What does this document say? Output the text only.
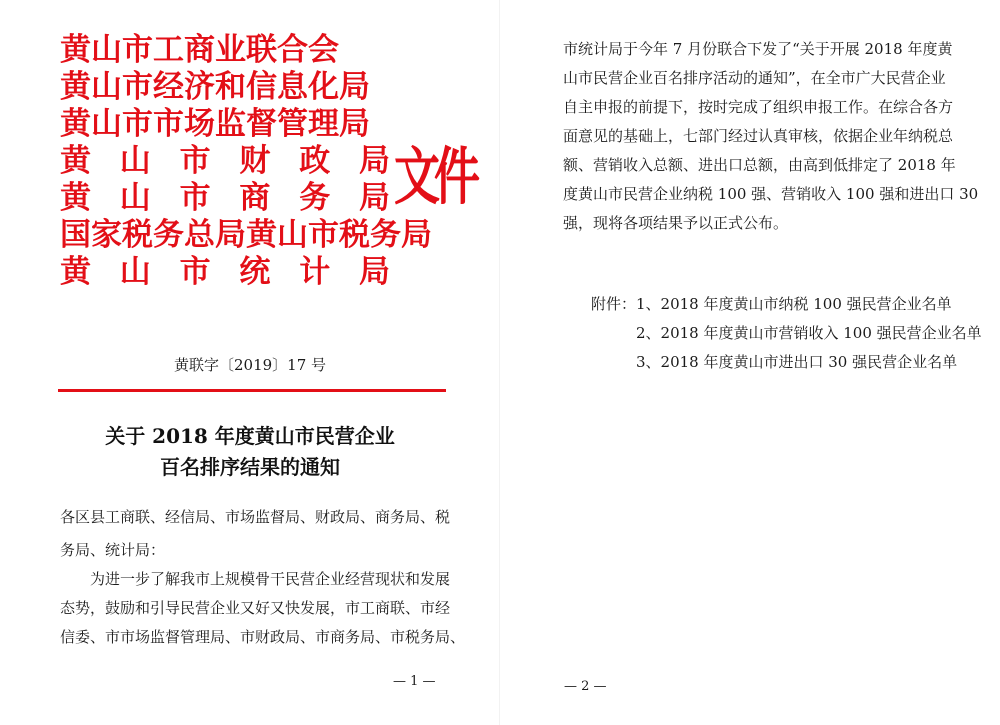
黄山市工商业联合会
黄山市经济和信息化局
黄山市市场监督管理局
黄 山 市 财 政 局
黄 山 市 商 务 局
国家税务总局黄山市税务局
黄 山 市 统 计 局
文件
黄联字〔2019〕17 号
关于 2018 年度黄山市民营企业
百名排序结果的通知
各区县工商联、经信局、市场监督局、财政局、商务局、税
务局、统计局：
为进一步了解我市上规模骨干民营企业经营现状和发展
态势，鼓励和引导民营企业又好又快发展，市工商联、市经
信委、市市场监督管理局、市财政局、市商务局、市税务局、
— 1 —
市统计局于今年 7 月份联合下发了“关于开展 2018 年度黄
山市民营企业百名排序活动的通知”，在全市广大民营企业
自主申报的前提下，按时完成了组织申报工作。在综合各方
面意见的基础上，七部门经过认真审核，依据企业年纳税总
额、营销收入总额、进出口总额，由高到低排定了 2018 年
度黄山市民营企业纳税 100 强、营销收入 100 强和进出口 30
强，现将各项结果予以正式公布。
附件：1、2018 年度黄山市纳税 100 强民营企业名单
2、2018 年度黄山市营销收入 100 强民营企业名单
3、2018 年度黄山市进出口 30 强民营企业名单
— 2 —
